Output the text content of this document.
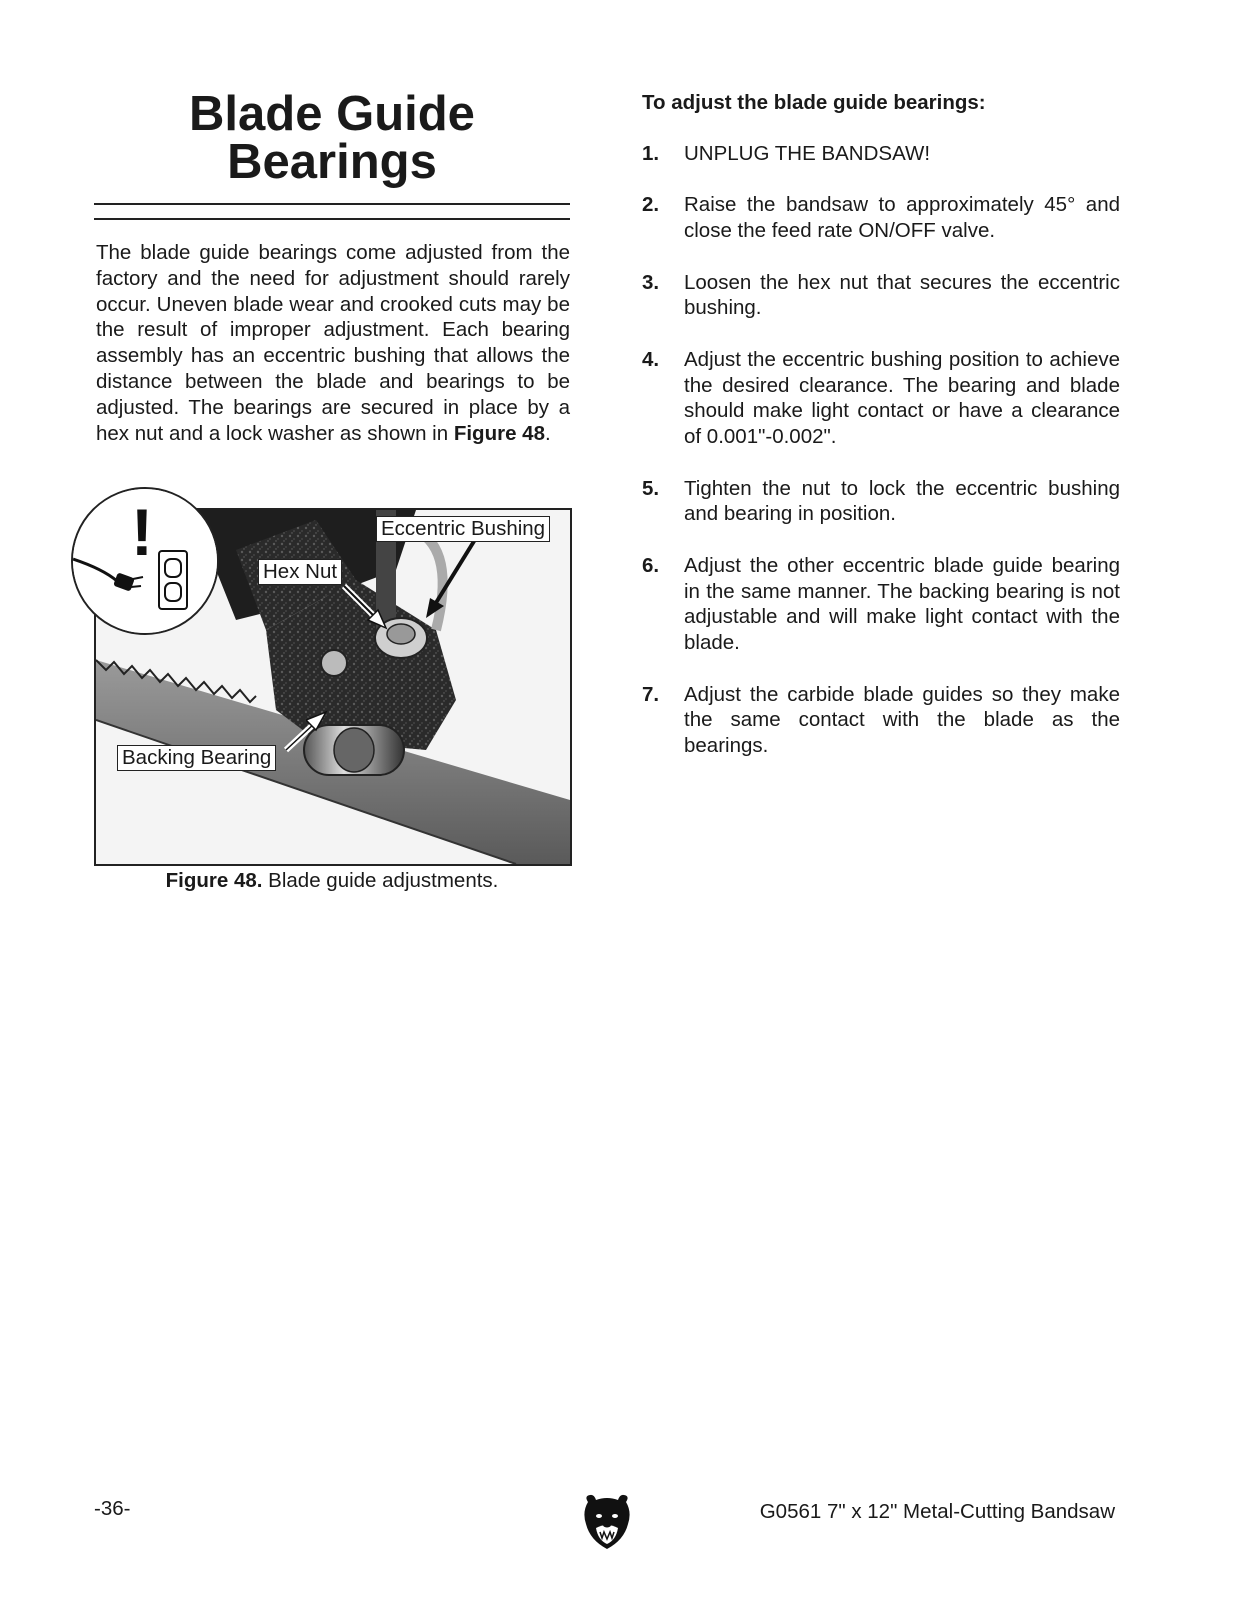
Blade Guide
Bearings

The blade guide bearings come adjusted from the factory and the need for adjustment should rarely occur. Uneven blade wear and crooked cuts may be the result of improper adjustment. Each bearing assembly has an eccentric bushing that allows the distance between the blade and bearings to be adjusted. The bearings are secured in place by a hex nut and a lock washer as shown in Figure 48.

!	Eccentric Bushing
Hex Nut
Backing Bearing

Figure 48. Blade guide adjustments.

To adjust the blade guide bearings:

1. UNPLUG THE BANDSAW!
2. Raise the bandsaw to approximately 45° and close the feed rate ON/OFF valve.
3. Loosen the hex nut that secures the eccentric bushing.
4. Adjust the eccentric bushing position to achieve the desired clearance. The bearing and blade should make light contact or have a clearance of 0.001"-0.002".
5. Tighten the nut to lock the eccentric bushing and bearing in position.
6. Adjust the other eccentric blade guide bearing in the same manner. The backing bearing is not adjustable and will make light contact with the blade.
7. Adjust the carbide blade guides so they make the same contact with the blade as the bearings.
-36-	G0561 7" x 12" Metal-Cutting Bandsaw
